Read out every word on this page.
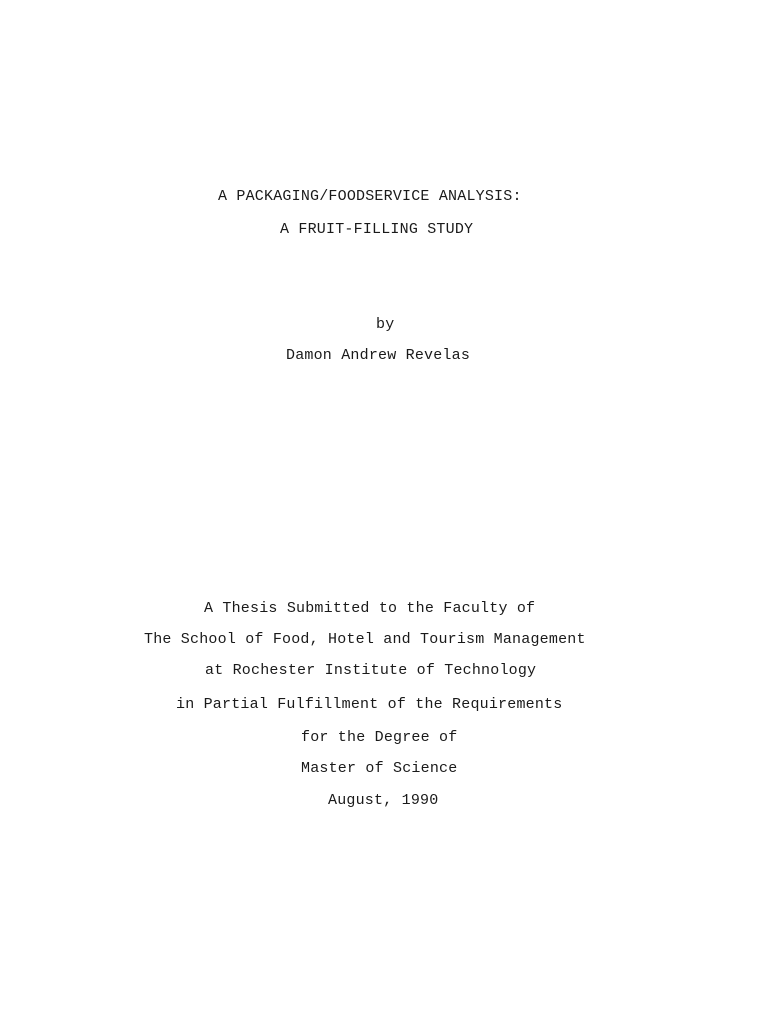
A PACKAGING/FOODSERVICE ANALYSIS:

A FRUIT-FILLING STUDY

by

Damon Andrew Revelas

A Thesis Submitted to the Faculty of

The School of Food, Hotel and Tourism Management

at Rochester Institute of Technology

in Partial Fulfillment of the Requirements

for the Degree of

Master of Science

August, 1990
